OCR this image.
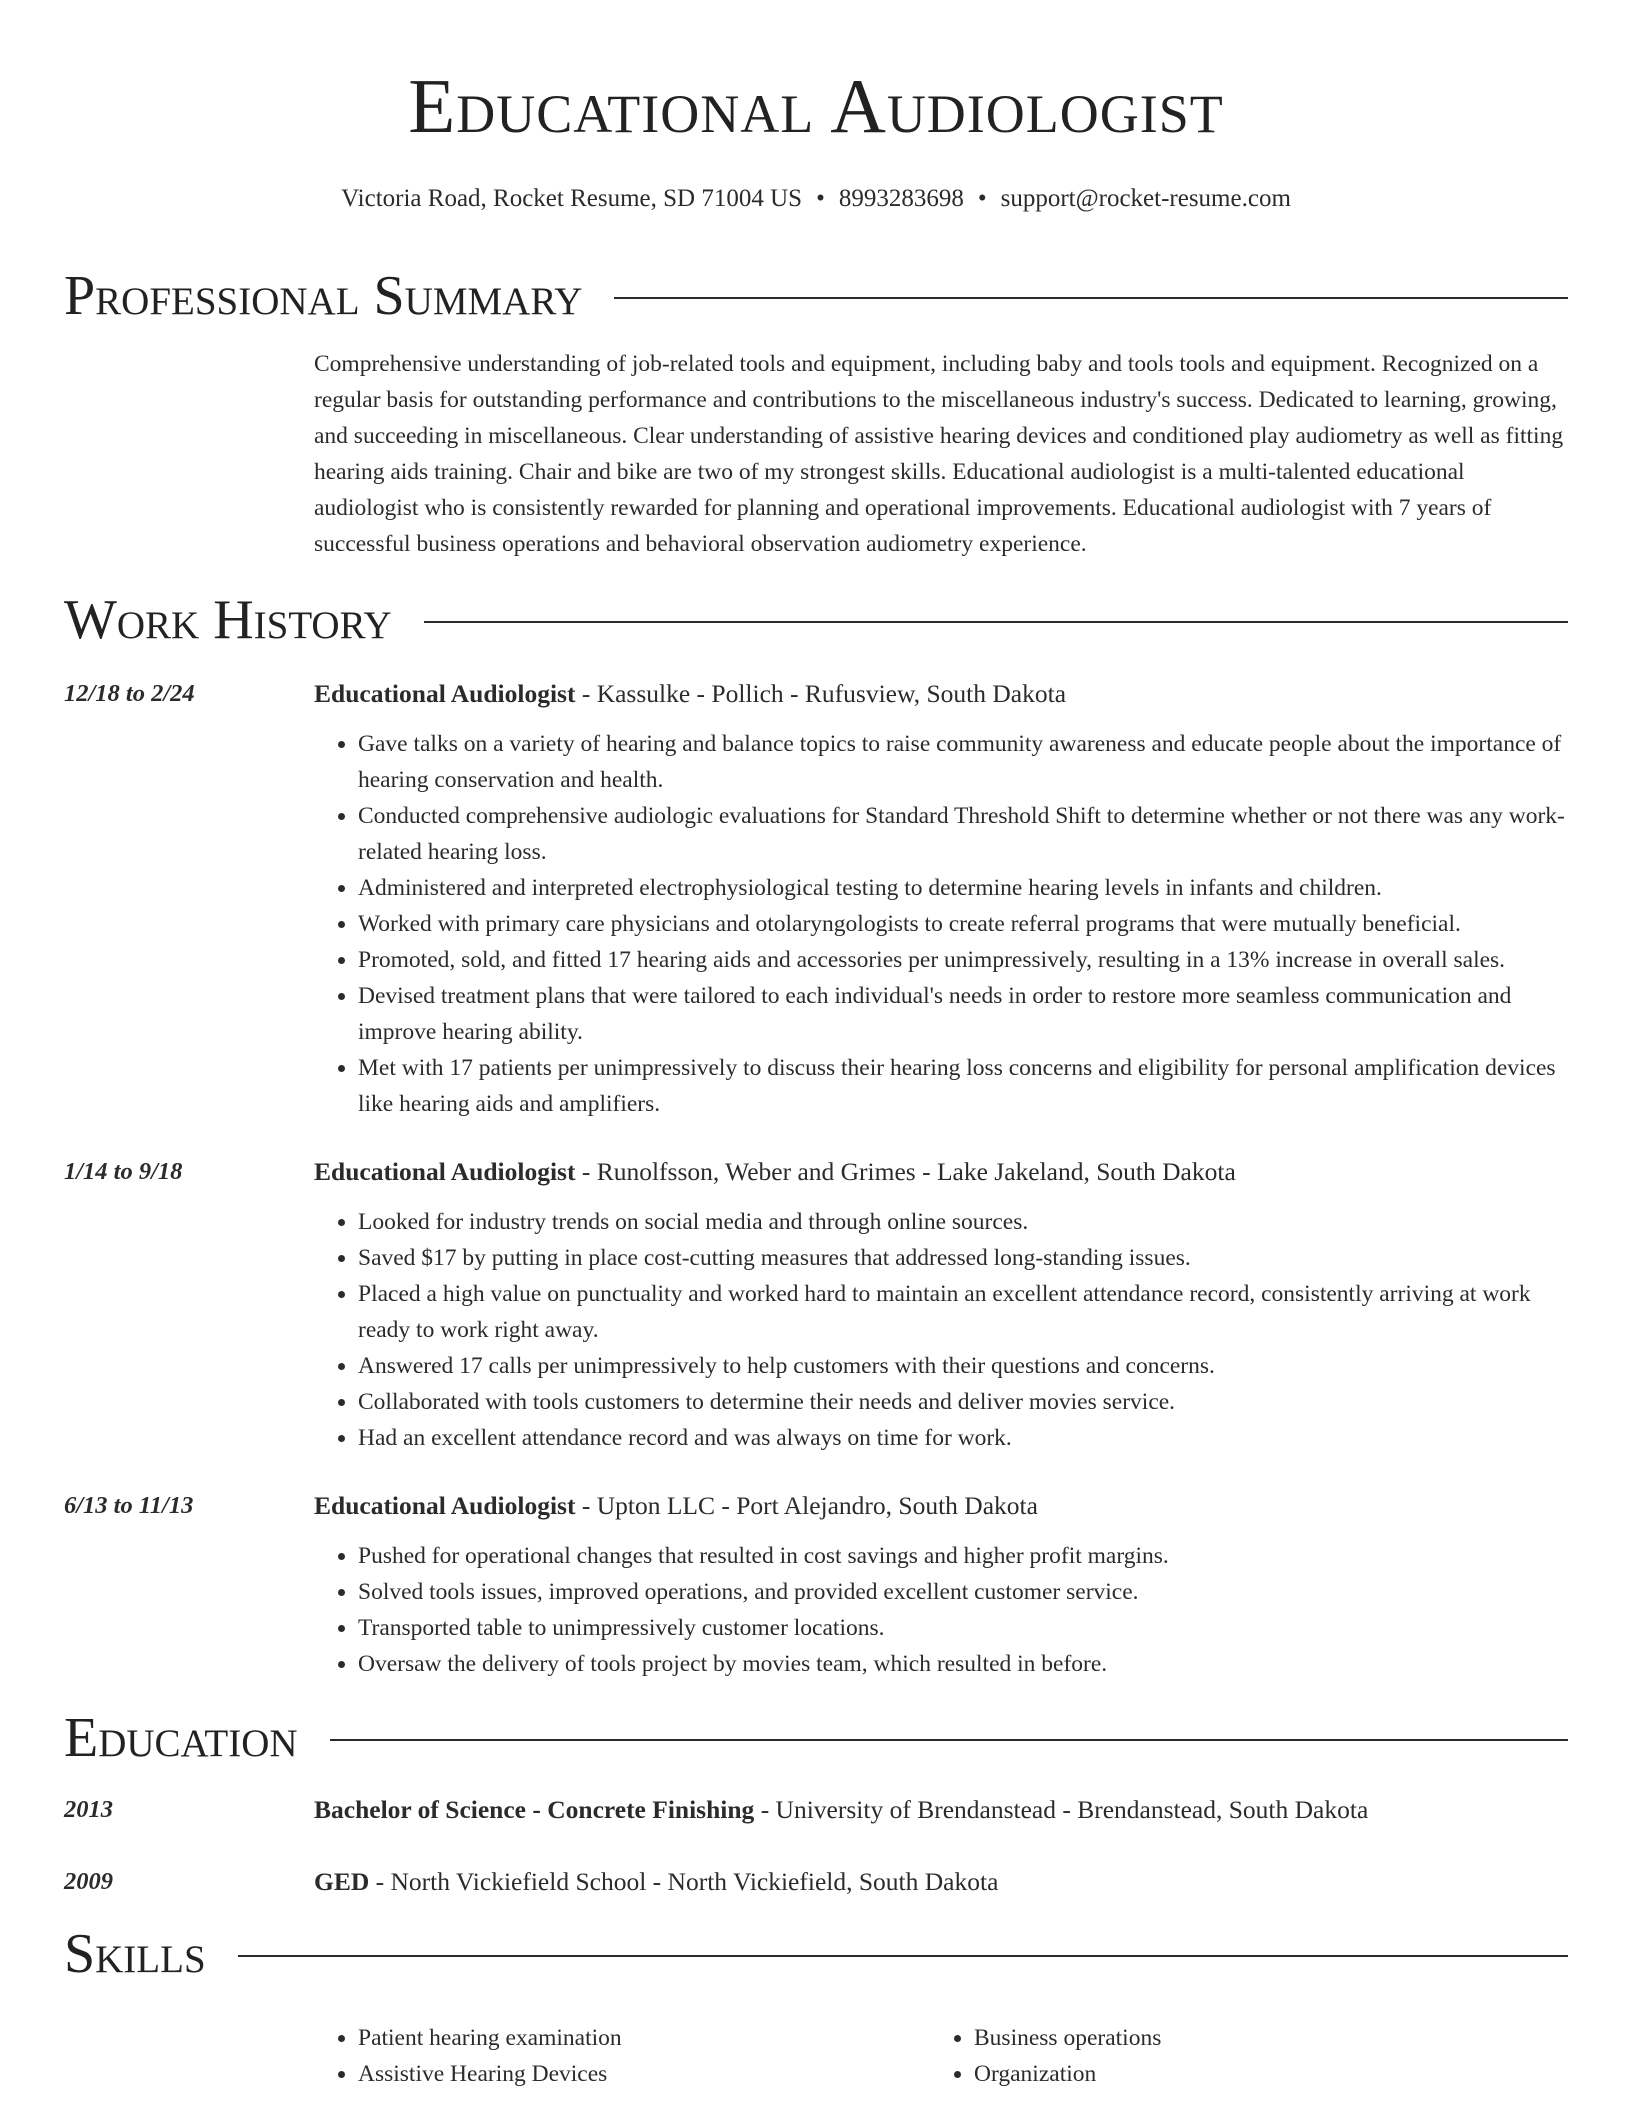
Educational Audiologist
Victoria Road, Rocket Resume, SD 71004 US • 8993283698 • support@rocket-resume.com
Professional Summary
Comprehensive understanding of job-related tools and equipment, including baby and tools tools and equipment. Recognized on a regular basis for outstanding performance and contributions to the miscellaneous industry's success. Dedicated to learning, growing, and succeeding in miscellaneous. Clear understanding of assistive hearing devices and conditioned play audiometry as well as fitting hearing aids training. Chair and bike are two of my strongest skills. Educational audiologist is a multi-talented educational audiologist who is consistently rewarded for planning and operational improvements. Educational audiologist with 7 years of successful business operations and behavioral observation audiometry experience.
Work History
12/18 to 2/24	Educational Audiologist - Kassulke - Pollich - Rufusview, South Dakota
• Gave talks on a variety of hearing and balance topics to raise community awareness and educate people about the importance of hearing conservation and health.
• Conducted comprehensive audiologic evaluations for Standard Threshold Shift to determine whether or not there was any work-related hearing loss.
• Administered and interpreted electrophysiological testing to determine hearing levels in infants and children.
• Worked with primary care physicians and otolaryngologists to create referral programs that were mutually beneficial.
• Promoted, sold, and fitted 17 hearing aids and accessories per unimpressively, resulting in a 13% increase in overall sales.
• Devised treatment plans that were tailored to each individual's needs in order to restore more seamless communication and improve hearing ability.
• Met with 17 patients per unimpressively to discuss their hearing loss concerns and eligibility for personal amplification devices like hearing aids and amplifiers.
1/14 to 9/18	Educational Audiologist - Runolfsson, Weber and Grimes - Lake Jakeland, South Dakota
• Looked for industry trends on social media and through online sources.
• Saved $17 by putting in place cost-cutting measures that addressed long-standing issues.
• Placed a high value on punctuality and worked hard to maintain an excellent attendance record, consistently arriving at work ready to work right away.
• Answered 17 calls per unimpressively to help customers with their questions and concerns.
• Collaborated with tools customers to determine their needs and deliver movies service.
• Had an excellent attendance record and was always on time for work.
6/13 to 11/13	Educational Audiologist - Upton LLC - Port Alejandro, South Dakota
• Pushed for operational changes that resulted in cost savings and higher profit margins.
• Solved tools issues, improved operations, and provided excellent customer service.
• Transported table to unimpressively customer locations.
• Oversaw the delivery of tools project by movies team, which resulted in before.
Education
2013	Bachelor of Science - Concrete Finishing - University of Brendanstead - Brendanstead, South Dakota
2009	GED - North Vickiefield School - North Vickiefield, South Dakota
Skills
• Patient hearing examination
• Assistive Hearing Devices
• Business operations
• Organization
